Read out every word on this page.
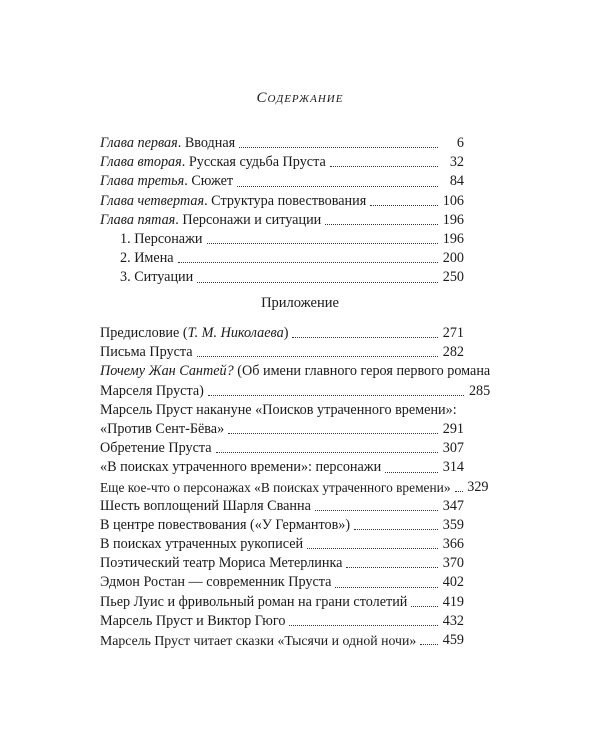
Содержание
Глава первая. Вводная	6
Глава вторая. Русская судьба Пруста	32
Глава третья. Сюжет	84
Глава четвертая. Структура повествования	106
Глава пятая. Персонажи и ситуации	196
1. Персонажи	196
2. Имена	200
3. Ситуации	250
Приложение
Предисловие (Т. М. Николаева)	271
Письма Пруста	282
Почему Жан Сантей? (Об имени главного героя первого романа
Марселя Пруста)	285
Марсель Пруст накануне «Поисков утраченного времени»:
«Против Сент-Бёва»	291
Обретение Пруста	307
«В поисках утраченного времени»: персонажи	314
Еще кое-что о персонажах «В поисках утраченного времени» 329
Шесть воплощений Шарля Сванна	347
В центре повествования («У Германтов»)	359
В поисках утраченных рукописей	366
Поэтический театр Мориса Метерлинка	370
Эдмон Ростан — современник Пруста	402
Пьер Луис и фривольный роман на грани столетий 419
Марсель Пруст и Виктор Гюго	432
Марсель Пруст читает сказки «Тысячи и одной ночи» 459
